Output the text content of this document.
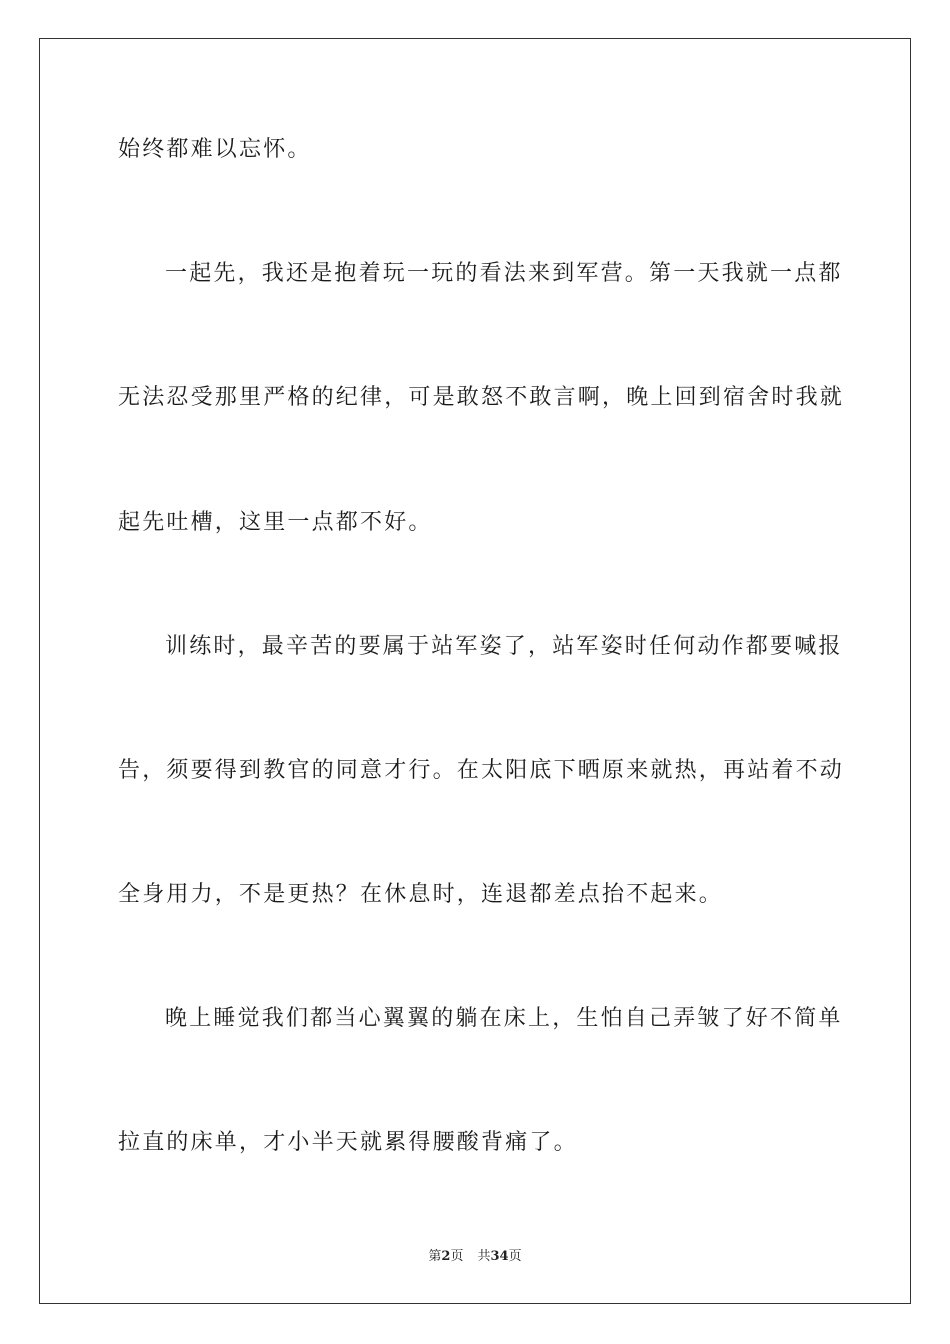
始终都难以忘怀。
一起先，我还是抱着玩一玩的看法来到军营。第一天我就一点都
无法忍受那里严格的纪律，可是敢怒不敢言啊，晚上回到宿舍时我就
起先吐槽，这里一点都不好。
训练时，最辛苦的要属于站军姿了，站军姿时任何动作都要喊报
告，须要得到教官的同意才行。在太阳底下晒原来就热，再站着不动
全身用力，不是更热？在休息时，连退都差点抬不起来。
晚上睡觉我们都当心翼翼的躺在床上，生怕自己弄皱了好不简单
拉直的床单，才小半天就累得腰酸背痛了。
第2页 共34页
